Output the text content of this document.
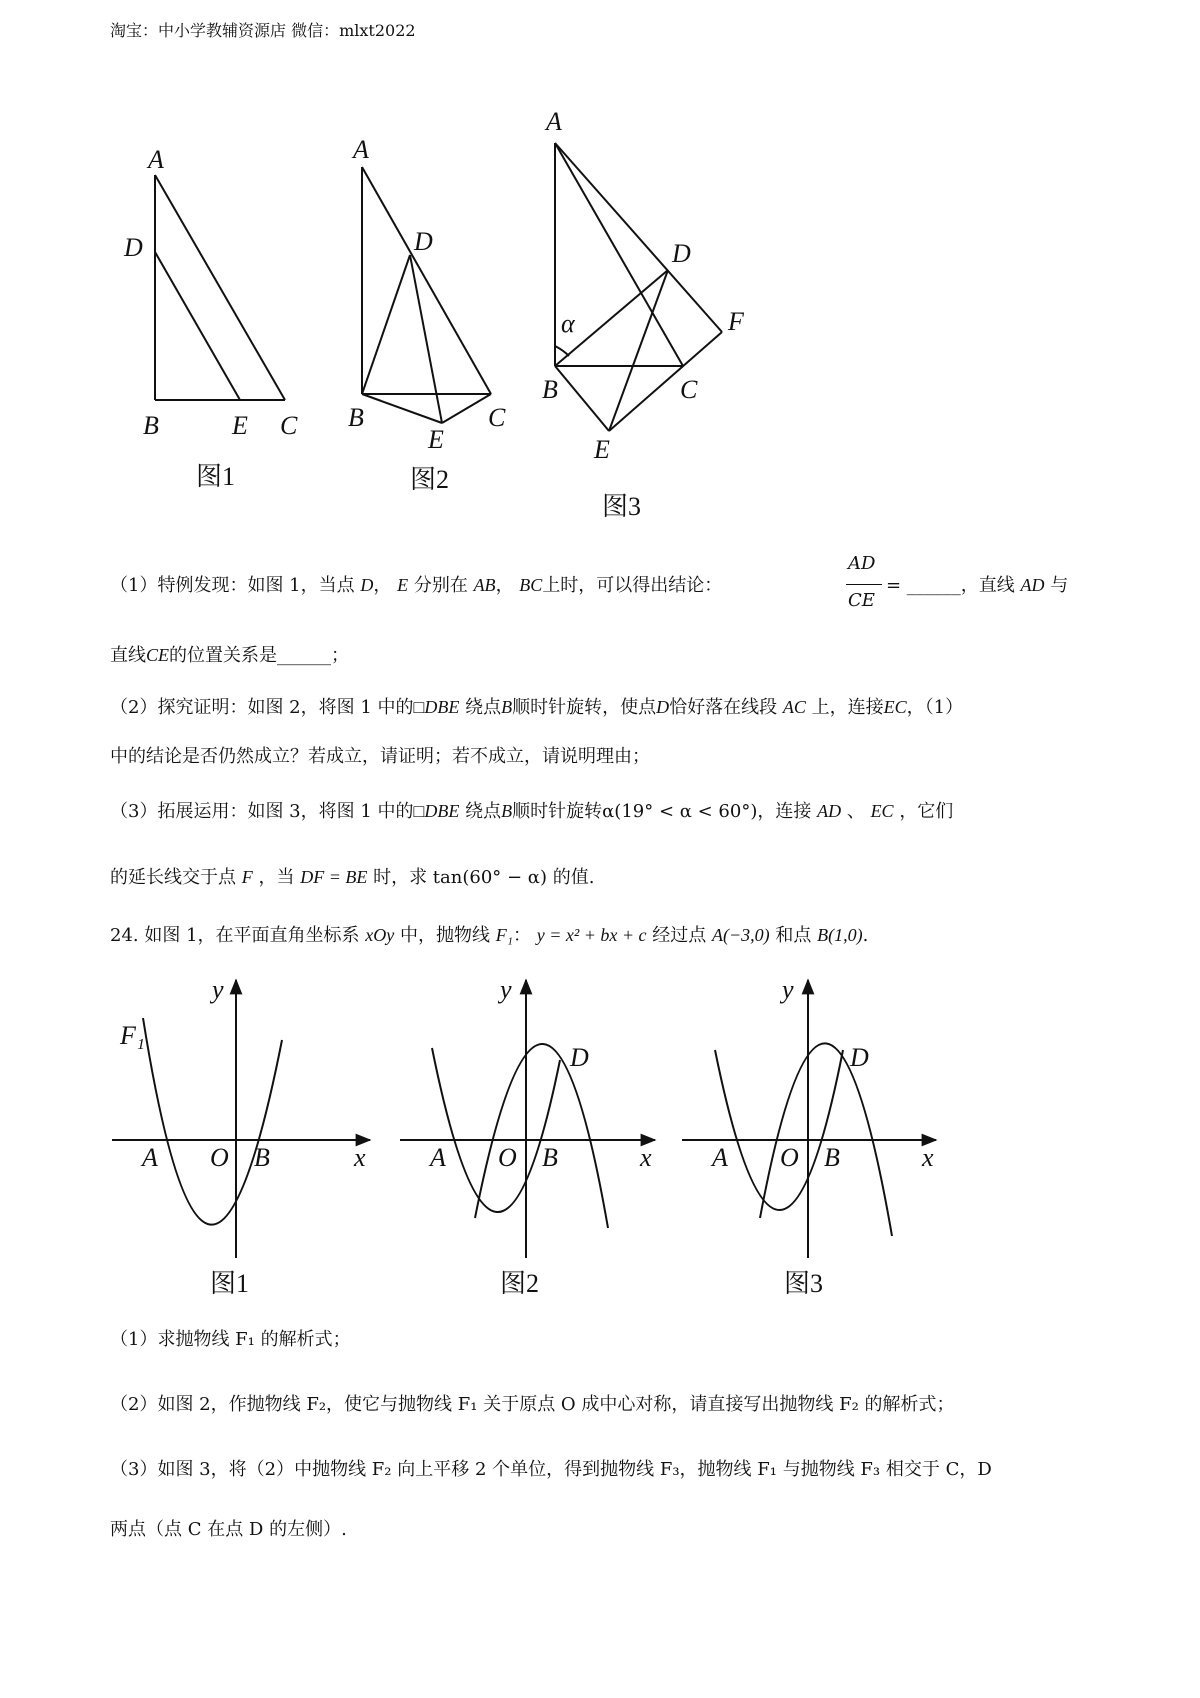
淘宝：中小学教辅资源店 微信：mlxt2022
A
D
B	E C
图1
A
D
B
E
C
图2
A
D
F
α
B	C
E
图3
（1）特例发现：如图 1，当点 D， E 分别在 AB， BC上时，可以得出结论：
AD
CE
= ______，直线 AD 与
直线CE的位置关系是______；
（2）探究证明：如图 2，将图 1 中的□DBE 绕点B顺时针旋转，使点D恰好落在线段 AC 上，连接EC，（1）
中的结论是否仍然成立？若成立，请证明；若不成立，请说明理由；
（3）拓展运用：如图 3，将图 1 中的□DBE 绕点B顺时针旋转α(19° < α < 60°)，连接 AD 、 EC ，它们
的延长线交于点 F ，当 DF = BE 时，求 tan(60° − α) 的值.
24. 如图 1，在平面直角坐标系 xOy 中，抛物线 F₁： y = x² + bx + c 经过点 A(−3,0) 和点 B(1,0).
y
F₁
A O B	x
图1
y
D
A O B	x
图2
y
D
A O B	x
图3
（1）求抛物线 F₁ 的解析式；
（2）如图 2，作抛物线 F₂，使它与抛物线 F₁ 关于原点 O 成中心对称，请直接写出抛物线 F₂ 的解析式；
（3）如图 3，将（2）中抛物线 F₂ 向上平移 2 个单位，得到抛物线 F₃，抛物线 F₁ 与抛物线 F₃ 相交于 C，D
两点（点 C 在点 D 的左侧）.
